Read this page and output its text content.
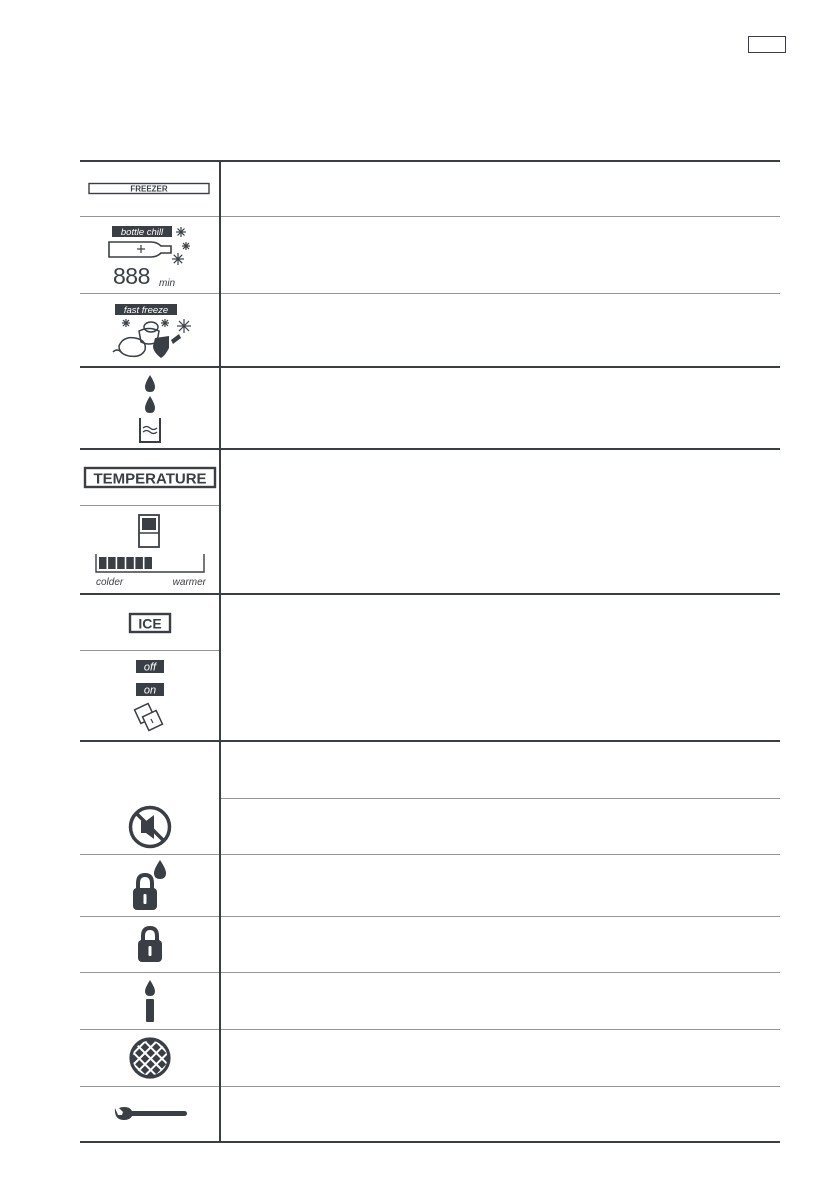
FREEZER
bottle chill
888 min
fast freeze
TEMPERATURE
colder	warmer
ICE
off
on
